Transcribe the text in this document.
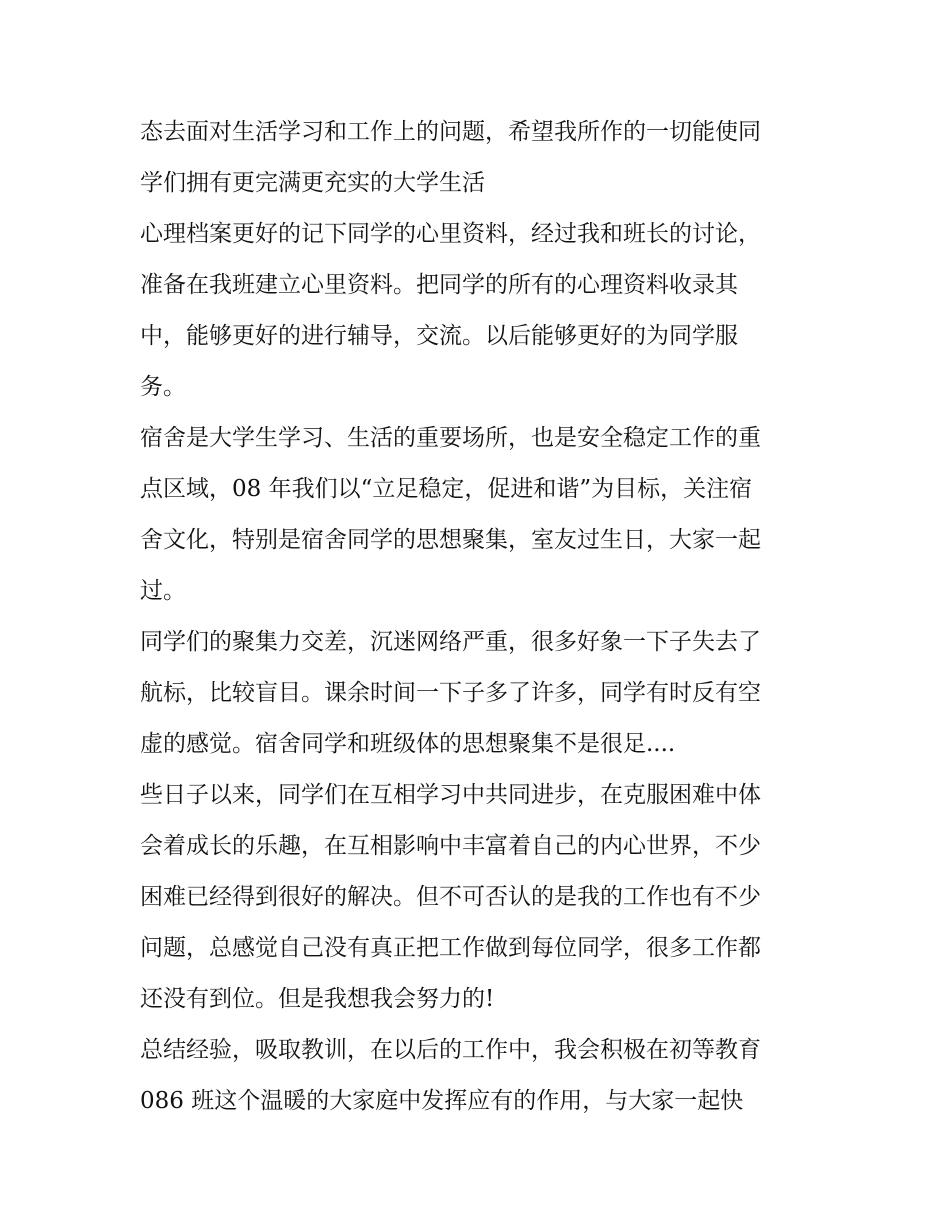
态去面对生活学习和工作上的问题，希望我所作的一切能使同
学们拥有更完满更充实的大学生活
心理档案更好的记下同学的心里资料，经过我和班长的讨论，
准备在我班建立心里资料。把同学的所有的心理资料收录其
中，能够更好的进行辅导，交流。以后能够更好的为同学服
务。
宿舍是大学生学习、生活的重要场所，也是安全稳定工作的重
点区域，08 年我们以“立足稳定，促进和谐”为目标，关注宿
舍文化，特别是宿舍同学的思想聚集，室友过生日，大家一起
过。
同学们的聚集力交差，沉迷网络严重，很多好象一下子失去了
航标，比较盲目。课余时间一下子多了许多，同学有时反有空
虚的感觉。宿舍同学和班级体的思想聚集不是很足....
些日子以来，同学们在互相学习中共同进步，在克服困难中体
会着成长的乐趣，在互相影响中丰富着自己的内心世界，不少
困难已经得到很好的解决。但不可否认的是我的工作也有不少
问题，总感觉自己没有真正把工作做到每位同学，很多工作都
还没有到位。但是我想我会努力的!
总结经验，吸取教训，在以后的工作中，我会积极在初等教育
086 班这个温暖的大家庭中发挥应有的作用，与大家一起快
